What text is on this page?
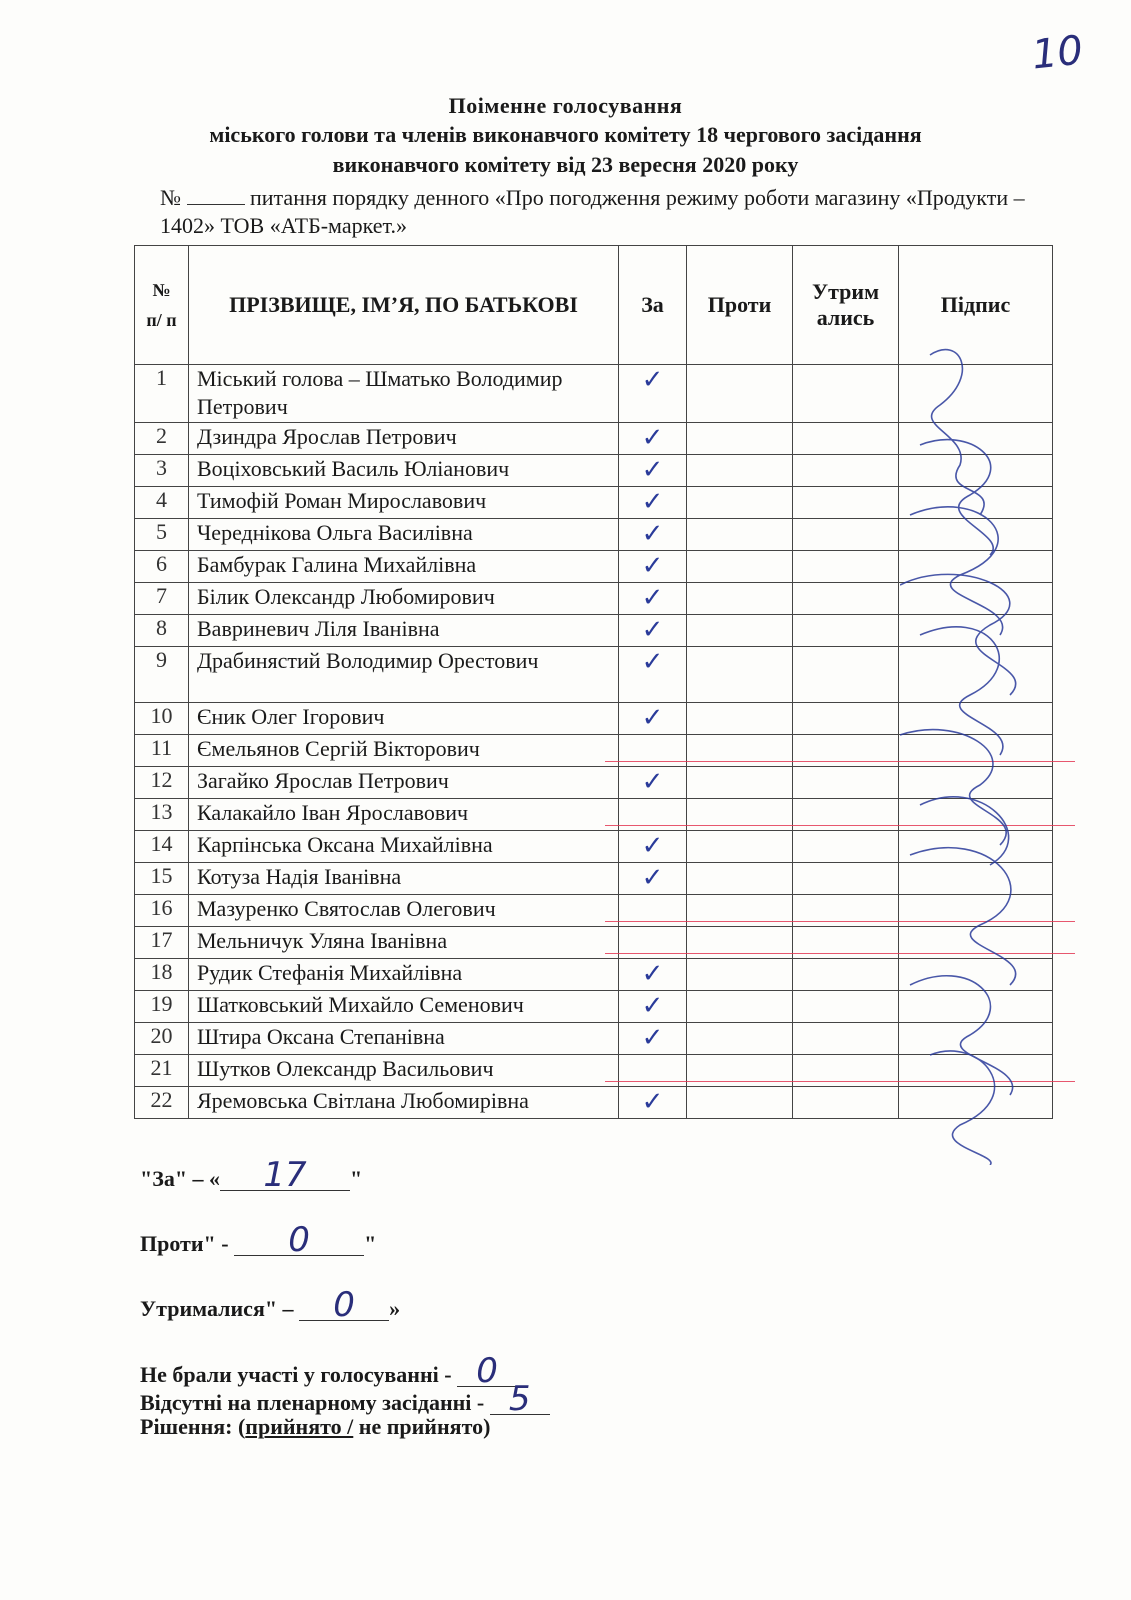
10
Поіменне голосування
міського голови та членів виконавчого комітету 18 чергового засідання
виконавчого комітету від 23 вересня 2020 року
№	питання порядку денного «Про погодження режиму роботи магазину «Продукти – 1402» ТОВ «АТБ-маркет.»
№ п/ п	ПРІЗВИЩЕ, ІМ’Я, ПО БАТЬКОВІ	За	Проти	Утрим ались	Підпис
1	Міський голова – Шматько Володимир Петрович	✓			

2	Дзиндра Ярослав Петрович	✓			

3	Воціховський Василь Юліанович	✓			

4	Тимофій Роман Мирославович	✓			

5	Череднікова Ольга Василівна	✓			

6	Бамбурак Галина Михайлівна	✓			

7	Білик Олександр Любомирович	✓			

8	Вавриневич Ліля Іванівна	✓			

9	Драбинястий Володимир Орестович	✓			

10	Єник Олег Ігорович	✓			

11	Ємельянов Сергій Вікторович				
12	Загайко Ярослав Петрович	✓			

13	Калакайло Іван Ярославович				
14	Карпінська Оксана Михайлівна	✓			

15	Котуза Надія Іванівна	✓			

16	Мазуренко Святослав Олегович				
17	Мельничук Уляна Іванівна				
18	Рудик Стефанія Михайлівна	✓			

19	Шатковський Михайло Семенович	✓			

20	Штира Оксана Степанівна	✓			

21	Шутков Олександр Васильович				
22	Яремовська Світлана Любомирівна	✓			

"За" – « 17 "
Проти" - 0 "
Утрималися" – 0 »
Не брали участі у голосуванні - 0
Відсутні на пленарному засіданні - 5
Рішення: (прийнято / не прийнято)
